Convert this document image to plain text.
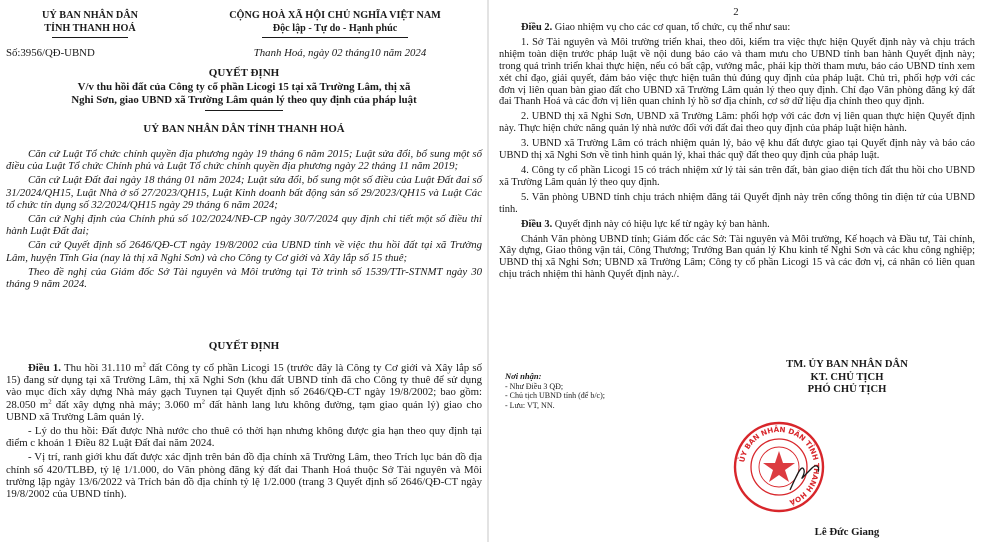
UỶ BAN NHÂN DÂN
TỈNH THANH HOÁ
CỘNG HOÀ XÃ HỘI CHỦ NGHĨA VIỆT NAM
Độc lập - Tự do - Hạnh phúc
Số:3956/QĐ-UBND	Thanh Hoá, ngày 02 tháng10 năm 2024
QUYẾT ĐỊNH
V/v thu hồi đất của Công ty cổ phần Licogi 15 tại xã Trường Lâm, thị xã
Nghi Sơn, giao UBND xã Trường Lâm quản lý theo quy định của pháp luật
UỶ BAN NHÂN DÂN TỈNH THANH HOÁ

Căn cứ Luật Tổ chức chính quyền địa phương ngày 19 tháng 6 năm 2015; Luật sửa đổi, bổ sung một số điều của Luật Tổ chức Chính phủ và Luật Tổ chức chính quyền địa phương ngày 22 tháng 11 năm 2019;

Căn cứ Luật Đất đai ngày 18 tháng 01 năm 2024; Luật sửa đổi, bổ sung một số điều của Luật Đất đai số 31/2024/QH15, Luật Nhà ở số 27/2023/QH15, Luật Kinh doanh bất động sản số 29/2023/QH15 và Luật Các tổ chức tín dụng số 32/2024/QH15 ngày 29 tháng 6 năm 2024;

Căn cứ Nghị định của Chính phủ số 102/2024/NĐ-CP ngày 30/7/2024 quy định chi tiết một số điều thi hành Luật Đất đai;

Căn cứ Quyết định số 2646/QĐ-CT ngày 19/8/2002 của UBND tỉnh về việc thu hồi đất tại xã Trường Lâm, huyện Tĩnh Gia (nay là thị xã Nghi Sơn) và cho Công ty Cơ giới và Xây lắp số 15 thuê;

Theo đề nghị của Giám đốc Sở Tài nguyên và Môi trường tại Tờ trình số 1539/TTr-STNMT ngày 30 tháng 9 năm 2024.

QUYẾT ĐỊNH

Điều 1. Thu hồi 31.110 $m^2$ đất Công ty cổ phần Licogi 15 (trước đây là Công ty Cơ giới và Xây lắp số 15) đang sử dụng tại xã Trường Lâm, thị xã Nghi Sơn (khu đất UBND tỉnh đã cho Công ty thuê để sử dụng vào mục đích xây dựng Nhà máy gạch Tuynen tại Quyết định số 2646/QĐ-CT ngày 19/8/2002; bao gồm: 28.050 $m^2$ đất xây dựng nhà máy; 3.060 $m^2$ đất hành lang lưu không đường, tạm giao quản lý) giao cho UBND xã Trường Lâm quản lý.

- Lý do thu hồi: Đất được Nhà nước cho thuê có thời hạn nhưng không được gia hạn theo quy định tại điểm c khoản 1 Điều 82 Luật Đất đai năm 2024.

- Vị trí, ranh giới khu đất được xác định trên bản đồ địa chính xã Trường Lâm, theo Trích lục bản đồ địa chính số 420/TLBĐ, tỷ lệ 1/1.000, do Văn phòng đăng ký đất đai Thanh Hoá thuộc Sở Tài nguyên và Môi trường lập ngày 13/6/2022 và Trích bản đồ địa chính tỷ lệ 1/2.000 (trang 3 Quyết định số 2646/QĐ-CT ngày 19/8/2002 của UBND tỉnh).

2

Điều 2. Giao nhiệm vụ cho các cơ quan, tổ chức, cụ thể như sau:

1. Sở Tài nguyên và Môi trường triển khai, theo dõi, kiểm tra việc thực hiện Quyết định này và chịu trách nhiệm toàn diện trước pháp luật về nội dung báo cáo và tham mưu cho UBND tỉnh ban hành Quyết định này; trong quá trình triển khai thực hiện, nếu có bất cập, vướng mắc, phải kịp thời tham mưu, báo cáo UBND tỉnh xem xét chỉ đạo, giải quyết, đảm bảo việc thực hiện tuân thủ đúng quy định của pháp luật. Chủ trì, phối hợp với các đơn vị liên quan bàn giao đất cho UBND xã Trường Lâm quản lý theo quy định. Chỉ đạo Văn phòng đăng ký đất đai Thanh Hoá và các đơn vị liên quan chỉnh lý hồ sơ địa chính, cơ sở dữ liệu địa chính theo quy định.

2. UBND thị xã Nghi Sơn, UBND xã Trường Lâm: phối hợp với các đơn vị liên quan thực hiện Quyết định này. Thực hiện chức năng quản lý nhà nước đối với đất đai theo quy định của pháp luật hiện hành.

3. UBND xã Trường Lâm có trách nhiệm quản lý, bảo vệ khu đất được giao tại Quyết định này và báo cáo UBND thị xã Nghi Sơn về tình hình quản lý, khai thác quỹ đất theo quy định của pháp luật.

4. Công ty cổ phần Licogi 15 có trách nhiệm xử lý tài sản trên đất, bàn giao diện tích đất thu hồi cho UBND xã Trường Lâm quản lý theo quy định.

5. Văn phòng UBND tỉnh chịu trách nhiệm đăng tải Quyết định này trên cổng thông tin điện tử của UBND tỉnh.

Điều 3. Quyết định này có hiệu lực kể từ ngày ký ban hành.

Chánh Văn phòng UBND tỉnh; Giám đốc các Sở: Tài nguyên và Môi trường, Kế hoạch và Đầu tư, Tài chính, Xây dựng, Giao thông vận tải, Công Thương; Trưởng Ban quản lý Khu kinh tế Nghi Sơn và các khu công nghiệp; UBND thị xã Nghi Sơn; UBND xã Trường Lâm; Công ty cổ phần Licogi 15 và các đơn vị, cá nhân có liên quan chịu trách nhiệm thi hành Quyết định này./.

Nơi nhận:
- Như Điều 3 QĐ;
- Chủ tịch UBND tỉnh (để b/c);
- Lưu: VT, NN.
TM. ỦY BAN NHÂN DÂN
KT. CHỦ TỊCH
PHÓ CHỦ TỊCH
Lê Đức Giang
ỦY BAN NHÂN DÂN TỈNH THANH HOÁ
